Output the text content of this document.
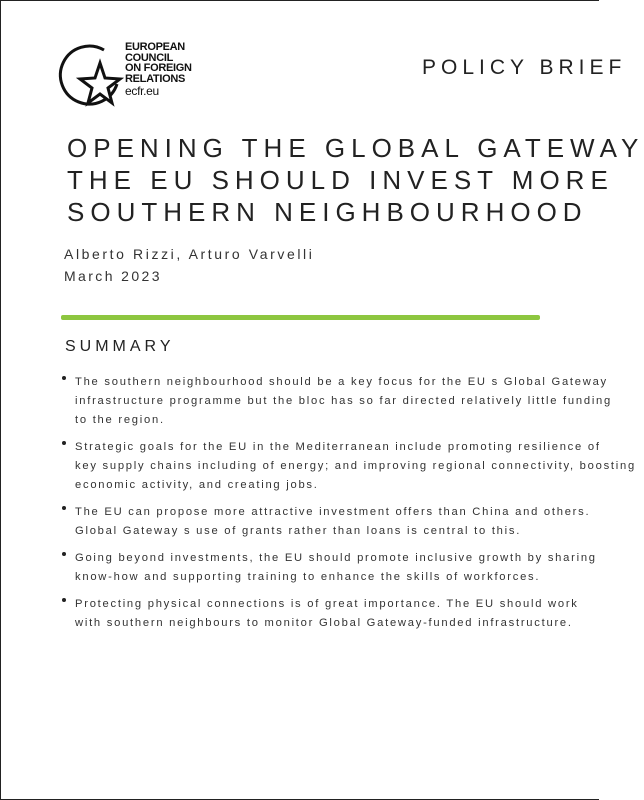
EUROPEAN
COUNCIL
ON FOREIGN
RELATIONS
ecfr.eu
POLICY BRIEF
OPENING THE GLOBAL GATEWAY
THE EU SHOULD INVEST MORE
SOUTHERN NEIGHBOURHOOD
Alberto Rizzi, Arturo Varvelli
March 2023
SUMMARY
The southern neighbourhood should be a key focus for the EU s Global Gateway
infrastructure programme but the bloc has so far directed relatively little funding
to the region.
Strategic goals for the EU in the Mediterranean include promoting resilience of
key supply chains including of energy; and improving regional connectivity, boosting
economic activity, and creating jobs.
The EU can propose more attractive investment offers than China and others.
Global Gateway s use of grants rather than loans is central to this.
Going beyond investments, the EU should promote inclusive growth by sharing
know-how and supporting training to enhance the skills of workforces.
Protecting physical connections is of great importance. The EU should work
with southern neighbours to monitor Global Gateway-funded infrastructure.
